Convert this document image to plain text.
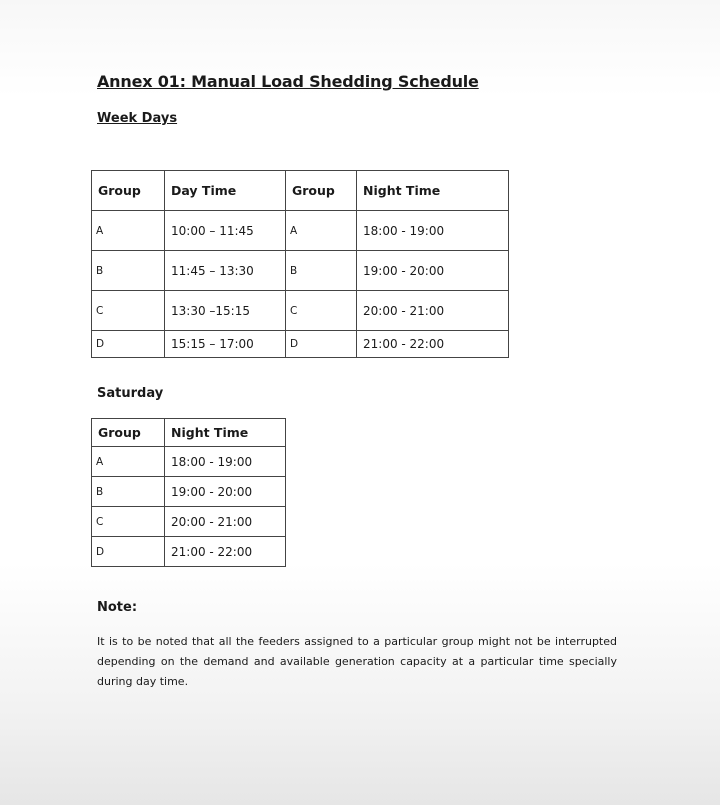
Annex 01: Manual Load Shedding Schedule
Week Days
Group	Day Time	Group	Night Time
A	10:00 – 11:45	A	18:00 - 19:00
B	11:45 – 13:30	B	19:00 - 20:00
C	13:30 –15:15	C	20:00 - 21:00
D	15:15 – 17:00	D	21:00 - 22:00
Saturday
Group	Night Time
A	18:00 - 19:00
B	19:00 - 20:00
C	20:00 - 21:00
D	21:00 - 22:00
Note:
It is to be noted that all the feeders assigned to a particular group might not be interrupted depending on the demand and available generation capacity at a particular time specially during day time.
